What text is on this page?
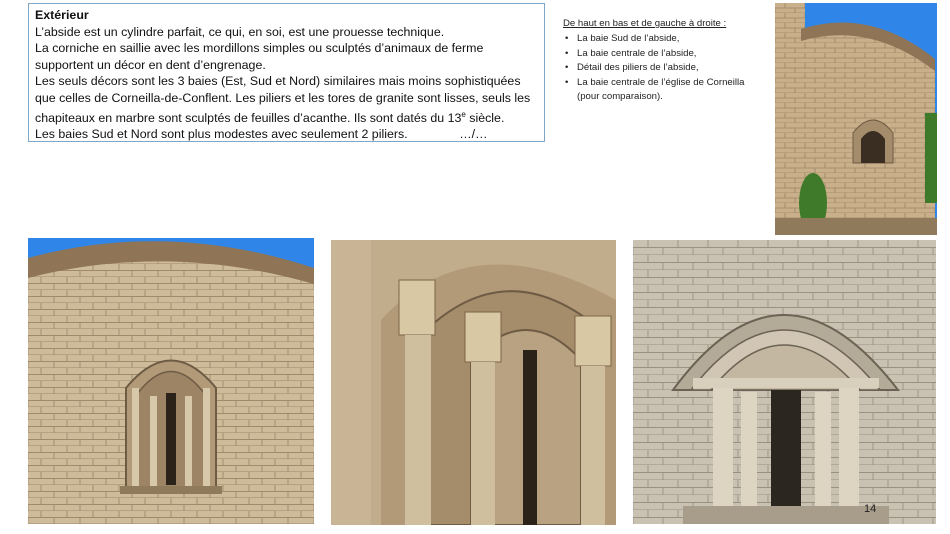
Extérieur

L’abside est un cylindre parfait, ce qui, en soi, est une prouesse technique.

La corniche en saillie avec les mordillons simples ou sculptés d’animaux de ferme

supportent un décor en dent d’engrenage.

Les seuls décors sont les 3 baies (Est, Sud et Nord) similaires mais moins sophistiquées

que celles de Corneilla-de-Conflent. Les piliers et les tores de granite sont lisses, seuls les

chapiteaux en marbre sont sculptés de feuilles d’acanthe. Ils sont datés du 13e siècle.

Les baies Sud et Nord sont plus modestes avec seulement 2 piliers.               …/…

De haut en bas et de gauche à droite :
• La baie Sud de l’abside,
• La baie centrale de l’abside,
• Détail des piliers de l’abside,
• La baie centrale de l’église de Corneilla (pour comparaison).
14
